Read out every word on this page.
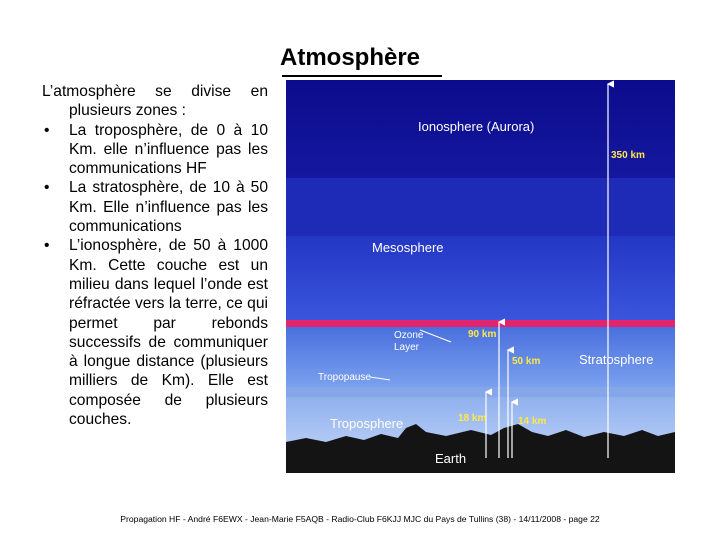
Atmosphère

L’atmosphère se divise en plusieurs zones :

• La troposphère, de 0 à 10 Km. elle n’influence pas les communications HF
• La stratosphère, de 10 à 50 Km. Elle n’influence pas les communications
• L’ionosphère, de 50 à 1000 Km. Cette couche est un milieu dans lequel l’onde est réfractée vers la terre, ce qui permet par rebonds successifs de communiquer à longue distance (plusieurs milliers de Km). Elle est composée de plusieurs couches.
Ionosphere (Aurora)
350 km
Mesosphere
Ozone
Layer
90 km
50 km	Stratosphere
Tropopause
18 km	14 km
Troposphere
Earth
Propagation HF - André F6EWX - Jean-Marie F5AQB - Radio-Club F6KJJ MJC du Pays de Tullins (38) - 14/11/2008 - page 22
